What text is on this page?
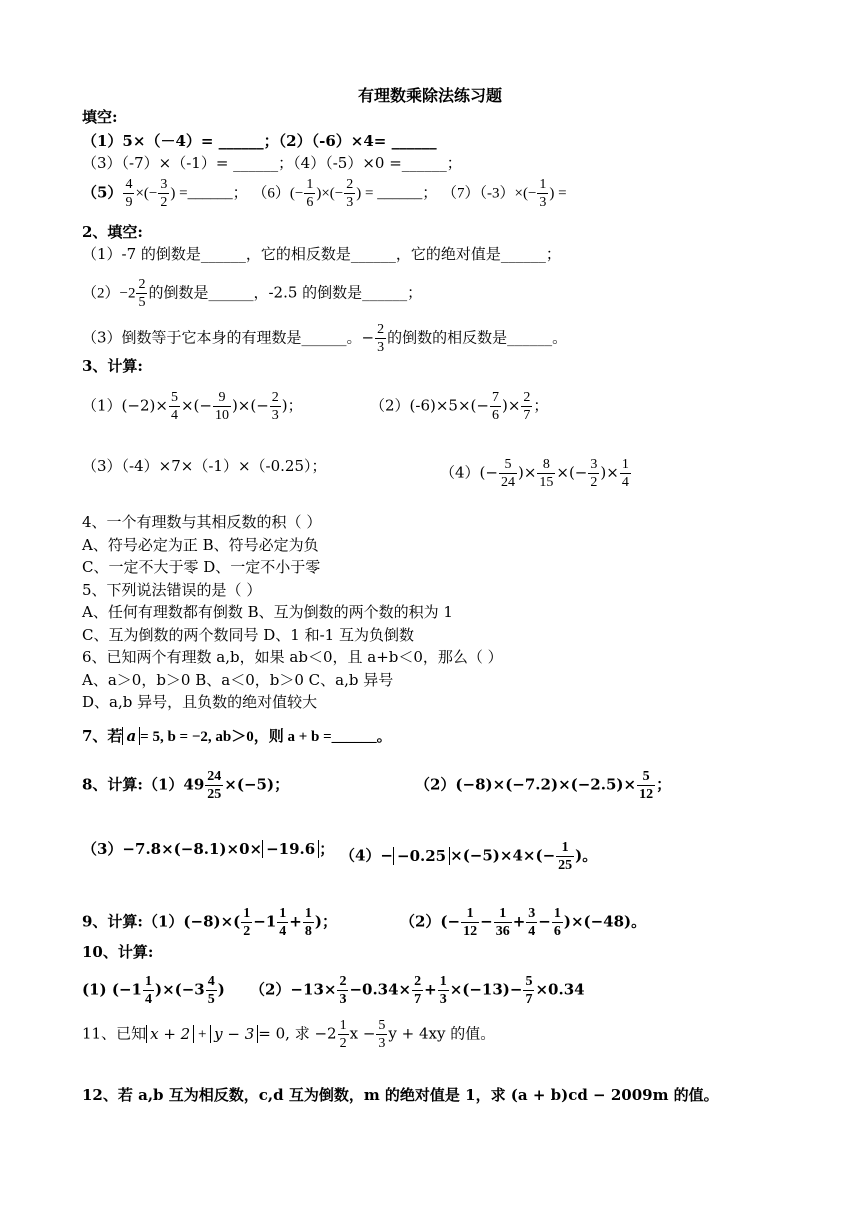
有理数乘除法练习题
填空:
（1）5×（－4）= ______；（2）（-6）×4= ______
（3）（-7）×（-1）= ______；（4）（-5）×0 =______；
$(5) \frac{4}{9}$ ×(− $\frac{3}{2}$ ) =______； $(6)(- \frac{1}{6}$ )×(− $\frac{2}{3}$ ) = ______； $(7)(-3)\times(- \frac{1}{3}$ ) =
2、填空:
（1）-7 的倒数是______，它的相反数是______，它的绝对值是______；
$(2)-2 \frac{2}{5}$ 的倒数是______，-2.5 的倒数是______；
（3）倒数等于它本身的有理数是______。− $\frac{2}{3}$ 的倒数的相反数是______。
3、计算:
$(1)(-2)\times \frac{5}{4}$ ×(− $\frac{9}{10}$ )×(− $\frac{2}{3}$ )；	$(2)(-6)\times 5\times(- \frac{7}{6}$ )× $\frac{2}{7}$ ；
（3）（-4）×7×（-1）×（-0.25）；	$(4)(- \frac{5}{24}$ )× $\frac{8}{15}$ ×(− $\frac{3}{2}$ )× $\frac{1}{4}$
4、一个有理数与其相反数的积（ ）
A、符号必定为正 B、符号必定为负
C、一定不大于零 D、一定不小于零
5、下列说法错误的是（ ）
A、任何有理数都有倒数 B、互为倒数的两个数的积为 1
C、互为倒数的两个数同号 D、1 和-1 互为负倒数
6、已知两个有理数 a,b，如果 ab＜0，且 a+b＜0，那么（ ）
A、a＞0，b＞0 B、a＜0，b＞0 C、a,b 异号
D、a,b 异号，且负数的绝对值较大
7、若 a = 5, b = −2, ab＞0，则 a + b =______。
8、计算:（1）49 $\frac{24}{25} \times(-5)$；	$(2)(-8)\times(-7.2)\times(-2.5)\times \frac{5}{12}$ ；
（3）−7.8×(−8.1)×0× −19.6 ； $(4)- -0.25 \times(-5)\times 4\times(- \frac{1}{25}$ )。
9、计算:（1）(−8)×( $\frac{1}{2} -1 \frac{1}{4} + \frac{1}{8}$ )；	$(2)(- \frac{1}{12} - \frac{1}{36} + \frac{3}{4} - \frac{1}{6} )\times(-48)$。
10、计算:
(1) $(-1 \frac{1}{4} )\times(-3 \frac{4}{5}$ ) $(2)-13\times \frac{2}{3} -0.34\times \frac{2}{7} + \frac{1}{3} \times(-13)- \frac{5}{7} \times 0.34$
11、已知 x + 2 + y − 3 = 0, 求 $-2 \frac{1}{2}$ $x - \frac{5}{3}$ y + 4xy 的值。
12、若 a,b 互为相反数，c,d 互为倒数，m 的绝对值是 1，求 (a + b)cd − 2009m 的值。
